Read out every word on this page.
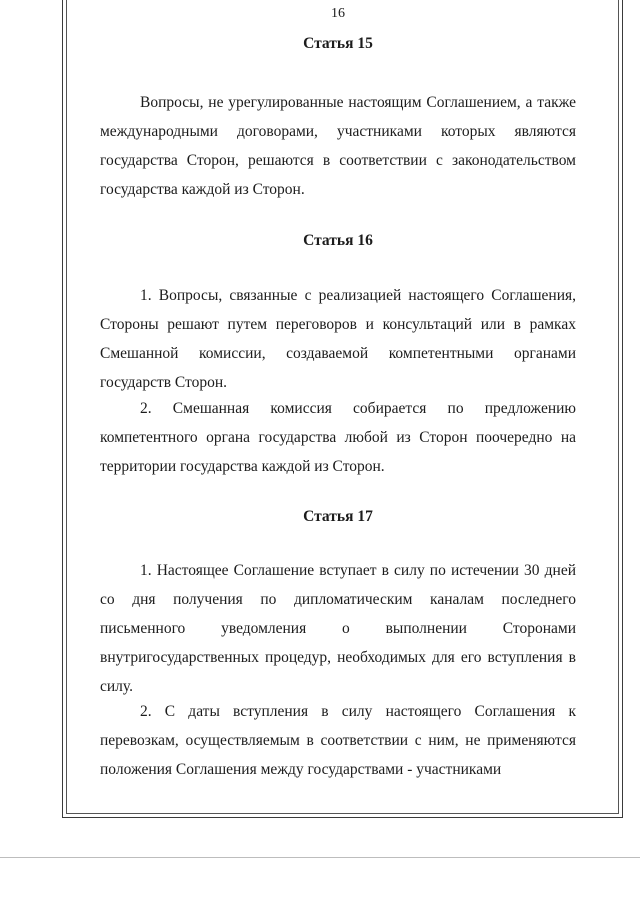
16
Статья 15

Вопросы, не урегулированные настоящим Соглашением, а также международными договорами, участниками которых являются государства Сторон, решаются в соответствии с законодательством государства каждой из Сторон.

Статья 16

1. Вопросы, связанные с реализацией настоящего Соглашения, Стороны решают путем переговоров и консультаций или в рамках Смешанной комиссии, создаваемой компетентными органами государств Сторон.

2. Смешанная комиссия собирается по предложению компетентного органа государства любой из Сторон поочередно на территории государства каждой из Сторон.

Статья 17

1. Настоящее Соглашение вступает в силу по истечении 30 дней со дня получения по дипломатическим каналам последнего письменного уведомления о выполнении Сторонами внутригосударственных процедур, необходимых для его вступления в силу.

2. С даты вступления в силу настоящего Соглашения к перевозкам, осуществляемым в соответствии с ним, не применяются положения Соглашения между государствами - участниками
